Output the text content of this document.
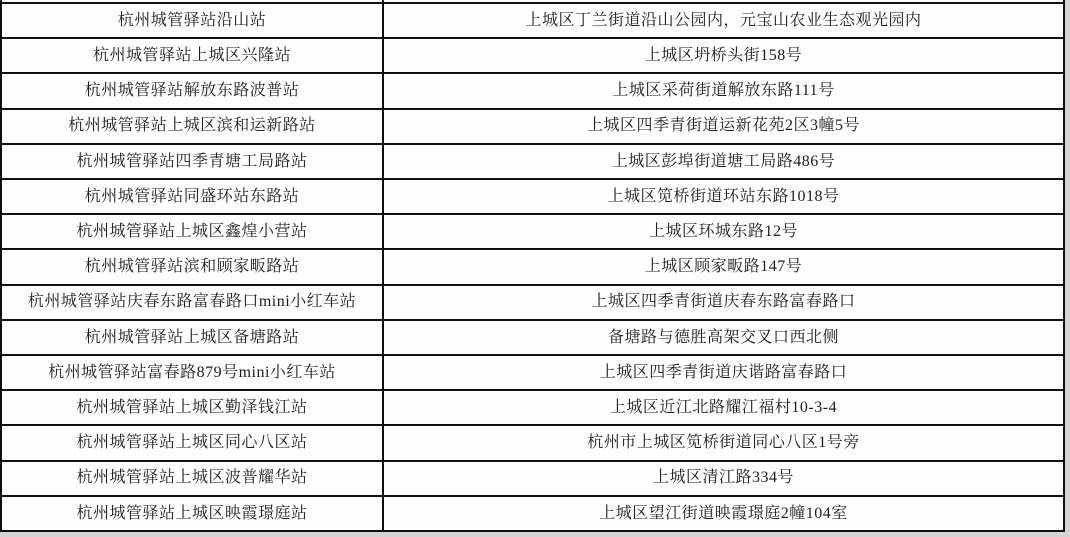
杭州城管驿站沿山站	上城区丁兰街道沿山公园内，元宝山农业生态观光园内
杭州城管驿站上城区兴隆站	上城区坍桥头街158号
杭州城管驿站解放东路波普站	上城区采荷街道解放东路111号
杭州城管驿站上城区滨和运新路站	上城区四季青街道运新花苑2区3幢5号
杭州城管驿站四季青塘工局路站	上城区彭埠街道塘工局路486号
杭州城管驿站同盛环站东路站	上城区笕桥街道环站东路1018号
杭州城管驿站上城区鑫煌小营站	上城区环城东路12号
杭州城管驿站滨和顾家畈路站	上城区顾家畈路147号
杭州城管驿站庆春东路富春路口mini小红车站	上城区四季青街道庆春东路富春路口
杭州城管驿站上城区备塘路站	备塘路与德胜高架交叉口西北侧
杭州城管驿站富春路879号mini小红车站	上城区四季青街道庆谐路富春路口
杭州城管驿站上城区勤泽钱江站	上城区近江北路耀江福村10-3-4
杭州城管驿站上城区同心八区站	杭州市上城区笕桥街道同心八区1号旁
杭州城管驿站上城区波普耀华站	上城区清江路334号
杭州城管驿站上城区映霞璟庭站	上城区望江街道映霞璟庭2幢104室
